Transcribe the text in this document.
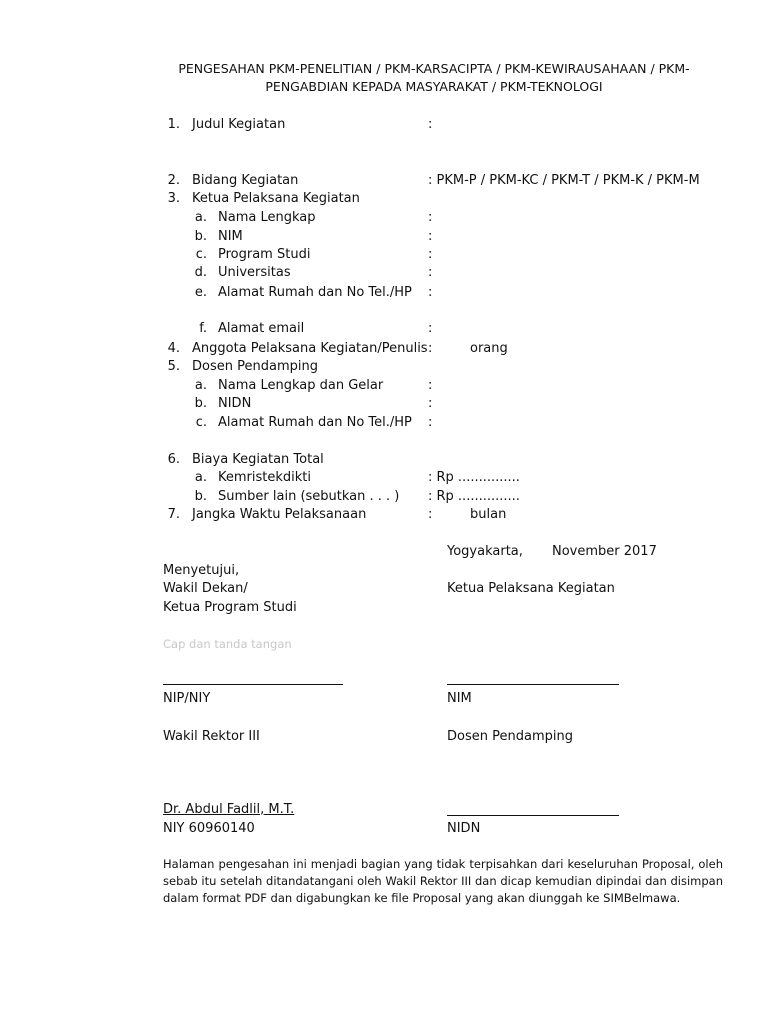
PENGESAHAN PKM-PENELITIAN / PKM-KARSACIPTA / PKM-KEWIRAUSAHAAN / PKM-PENGABDIAN KEPADA MASYARAKAT / PKM-TEKNOLOGI
1. Judul Kegiatan	:
2. Bidang Kegiatan	: PKM-P / PKM-KC / PKM-T / PKM-K / PKM-M
3. Ketua Pelaksana Kegiatan
a. Nama Lengkap	:
b. NIM	:
c. Program Studi	:
d. Universitas	:
e. Alamat Rumah dan No Tel./HP :
f. Alamat email	:
4. Anggota Pelaksana Kegiatan/Penulis :	orang
5. Dosen Pendamping
a. Nama Lengkap dan Gelar	:
b. NIDN	:
c. Alamat Rumah dan No Tel./HP :
6. Biaya Kegiatan Total
a. Kemristekdikti	: Rp ...............
b. Sumber lain (sebutkan . . . ) : Rp ...............
7. Jangka Waktu Pelaksanaan	:	bulan
Yogyakarta, November 2017
Menyetujui,
Wakil Dekan/	Ketua Pelaksana Kegiatan
Ketua Program Studi
Cap dan tanda tangan
NIP/NIY	NIM
Wakil Rektor III	Dosen Pendamping
Dr. Abdul Fadlil, M.T.
NIY 60960140	NIDN
Halaman pengesahan ini menjadi bagian yang tidak terpisahkan dari keseluruhan Proposal, oleh sebab itu setelah ditandatangani oleh Wakil Rektor III dan dicap kemudian dipindai dan disimpan dalam format PDF dan digabungkan ke file Proposal yang akan diunggah ke SIMBelmawa.
